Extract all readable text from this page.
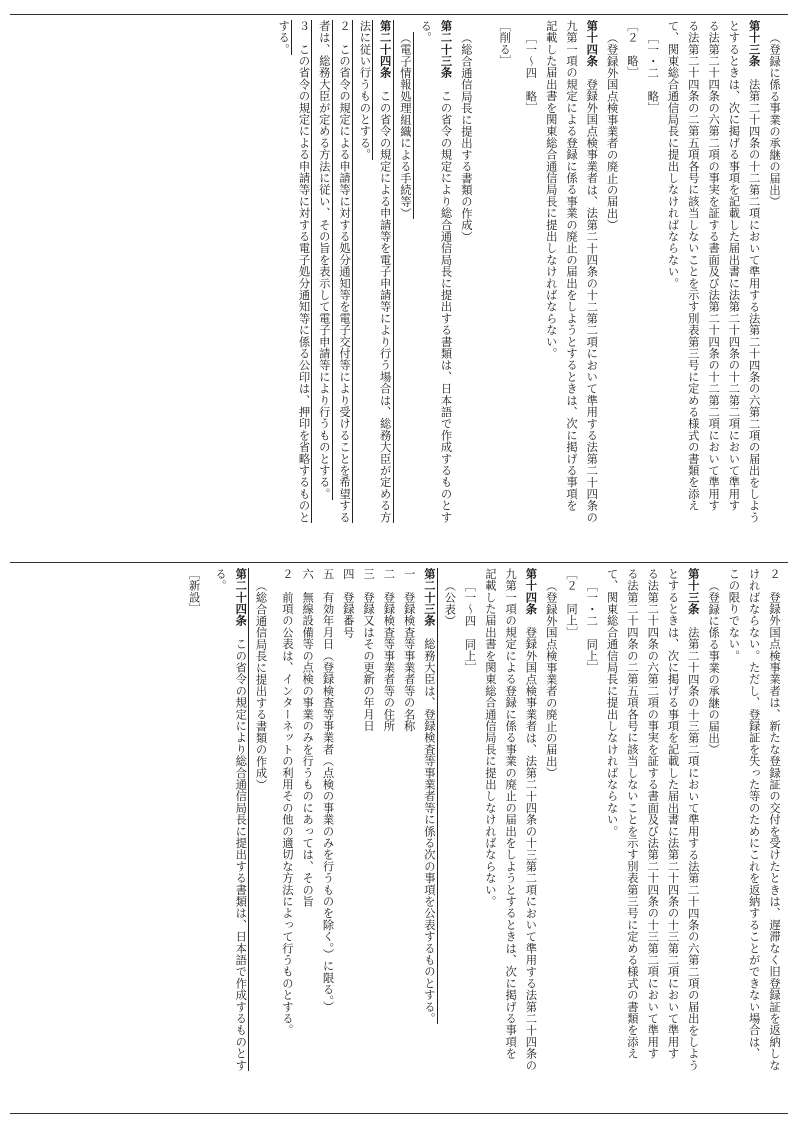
（登録に係る事業の承継の届出）

第十三条　法第二十四条の十二第二項において準用する法第二十四条の六第二項の届出をしよう

とするときは、次に掲げる事項を記載した届出書に法第二十四条の十二第二項において準用す

る法第二十四条の六第二項の事実を証する書面及び法第二十四条の十二第二項において準用す

る法第二十四条の二第五項各号に該当しないことを示す別表第三号に定める様式の書類を添え

て、関東総合通信局長に提出しなければならない。

［一・二　略］

［２　略］

（登録外国点検事業者の廃止の届出）

第十四条　登録外国点検事業者は、法第二十四条の十二第二項において準用する法第二十四条の

九第一項の規定による登録に係る事業の廃止の届出をしようとするときは、次に掲げる事項を

記載した届出書を関東総合通信局長に提出しなければならない。

［一～四　略］

［削る］

（総合通信局長に提出する書類の作成）

第二十三条　この省令の規定により総合通信局長に提出する書類は、日本語で作成するものとす

る。

（電子情報処理組織による手続等）

第二十四条　この省令の規定による申請等を電子申請等により行う場合は、総務大臣が定める方

法に従い行うものとする。

２　この省令の規定による申請等に対する処分通知等を電子交付等により受けることを希望する

者は、総務大臣が定める方法に従い、その旨を表示して電子申請等により行うものとする。

３　この省令の規定による申請等に対する電子処分通知等に係る公印は、押印を省略するものと

する。

２　登録外国点検事業者は、新たな登録証の交付を受けたときは、遅滞なく旧登録証を返納しな

ければならない。ただし、登録証を失った等のためにこれを返納することができない場合は、

この限りでない。

（登録に係る事業の承継の届出）

第十三条　法第二十四条の十三第二項において準用する法第二十四条の六第二項の届出をしよう

とするときは、次に掲げる事項を記載した届出書に法第二十四条の十三第二項において準用す

る法第二十四条の六第二項の事実を証する書面及び法第二十四条の十三第二項において準用す

る法第二十四条の二第五項各号に該当しないことを示す別表第三号に定める様式の書類を添え

て、関東総合通信局長に提出しなければならない。

［一・二　同上］

［２　同上］

（登録外国点検事業者の廃止の届出）

第十四条　登録外国点検事業者は、法第二十四条の十三第二項において準用する法第二十四条の

九第一項の規定による登録に係る事業の廃止の届出をしようとするときは、次に掲げる事項を

記載した届出書を関東総合通信局長に提出しなければならない。

［一～四　同上］

（公表）

第二十三条　総務大臣は、登録検査等事業者等に係る次の事項を公表するものとする。

一　登録検査等事業者等の名称

二　登録検査等事業者等の住所

三　登録又はその更新の年月日

四　登録番号

五　有効年月日（登録検査等事業者（点検の事業のみを行うものを除く。）に限る。）

六　無線設備等の点検の事業のみを行うものにあっては、その旨

２　前項の公表は、インターネットの利用その他の適切な方法によって行うものとする。

（総合通信局長に提出する書類の作成）

第二十四条　この省令の規定により総合通信局長に提出する書類は、日本語で作成するものとす

る。

［新設］
